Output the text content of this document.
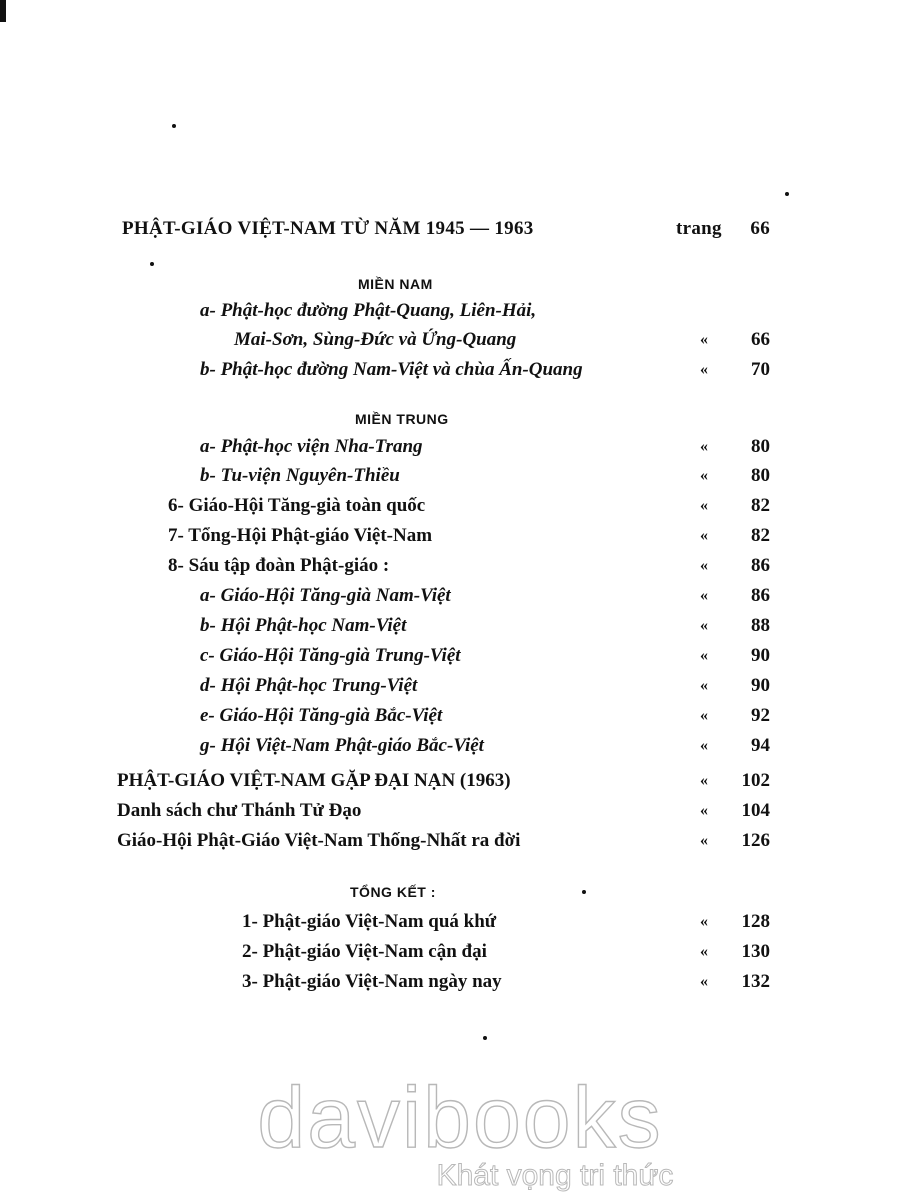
PHẬT-GIÁO VIỆT-NAM TỪ NĂM 1945 — 1963	trang 66
MIỀN NAM
a- Phật-học đường Phật-Quang, Liên-Hải,
Mai-Sơn, Sùng-Đức và Ứng-Quang	« 66
b- Phật-học đường Nam-Việt và chùa Ấn-Quang	« 70
MIỀN TRUNG
a- Phật-học viện Nha-Trang	« 80
b- Tu-viện Nguyên-Thiều	« 80
6- Giáo-Hội Tăng-già toàn quốc	« 82
7- Tổng-Hội Phật-giáo Việt-Nam	« 82
8- Sáu tập đoàn Phật-giáo :	« 86
a- Giáo-Hội Tăng-già Nam-Việt	« 86
b- Hội Phật-học Nam-Việt	« 88
c- Giáo-Hội Tăng-già Trung-Việt	« 90
d- Hội Phật-học Trung-Việt	« 90
e- Giáo-Hội Tăng-già Bắc-Việt	« 92
g- Hội Việt-Nam Phật-giáo Bắc-Việt	« 94
PHẬT-GIÁO VIỆT-NAM GẶP ĐẠI NẠN (1963)	« 102
Danh sách chư Thánh Tử Đạo	« 104
Giáo-Hội Phật-Giáo Việt-Nam Thống-Nhất ra đời	« 126
TỔNG KẾT :
1- Phật-giáo Việt-Nam quá khứ	« 128
2- Phật-giáo Việt-Nam cận đại	« 130
3- Phật-giáo Việt-Nam ngày nay	« 132
davibooks
Khát vọng tri thức
